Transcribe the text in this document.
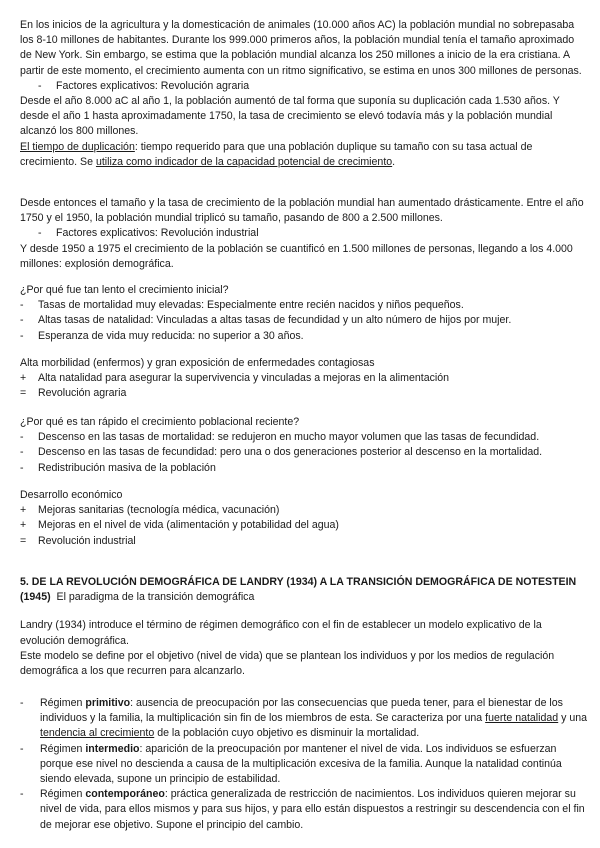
En los inicios de la agricultura y la domesticación de animales (10.000 años AC) la población mundial no sobrepasaba los 8-10 millones de habitantes. Durante los 999.000 primeros años, la población mundial tenía el tamaño aproximado de New York. Sin embargo, se estima que la población mundial alcanza los 250 millones a inicio de la era cristiana. A partir de este momento, el crecimiento aumenta con un ritmo significativo, se estima en unos 300 millones de personas.

- Factores explicativos: Revolución agraria

Desde el año 8.000 aC al año 1, la población aumentó de tal forma que suponía su duplicación cada 1.530 años. Y desde el año 1 hasta aproximadamente 1750, la tasa de crecimiento se elevó todavía más y la población mundial alcanzó los 800 millones.

El tiempo de duplicación: tiempo requerido para que una población duplique su tamaño con su tasa actual de crecimiento. Se utiliza como indicador de la capacidad potencial de crecimiento.

Desde entonces el tamaño y la tasa de crecimiento de la población mundial han aumentado drásticamente. Entre el año 1750 y el 1950, la población mundial triplicó su tamaño, pasando de 800 a 2.500 millones.

- Factores explicativos: Revolución industrial

Y desde 1950 a 1975 el crecimiento de la población se cuantificó en 1.500 millones de personas, llegando a los 4.000 millones: explosión demográfica.

¿Por qué fue tan lento el crecimiento inicial?

- Tasas de mortalidad muy elevadas: Especialmente entre recién nacidos y niños pequeños.

- Altas tasas de natalidad: Vinculadas a altas tasas de fecundidad y un alto número de hijos por mujer.

- Esperanza de vida muy reducida: no superior a 30 años.

Alta morbilidad (enfermos) y gran exposición de enfermedades contagiosas

+ Alta natalidad para asegurar la supervivencia y vinculadas a mejoras en la alimentación

= Revolución agraria

¿Por qué es tan rápido el crecimiento poblacional reciente?

- Descenso en las tasas de mortalidad: se redujeron en mucho mayor volumen que las tasas de fecundidad.

- Descenso en las tasas de fecundidad: pero una o dos generaciones posterior al descenso en la mortalidad.

- Redistribución masiva de la población

Desarrollo económico

+ Mejoras sanitarias (tecnología médica, vacunación)

+ Mejoras en el nivel de vida (alimentación y potabilidad del agua)

= Revolución industrial

5. DE LA REVOLUCIÓN DEMOGRÁFICA DE LANDRY (1934) A LA TRANSICIÓN DEMOGRÁFICA DE NOTESTEIN (1945) El paradigma de la transición demográfica

Landry (1934) introduce el término de régimen demográfico con el fin de establecer un modelo explicativo de la evolución demográfica.

Este modelo se define por el objetivo (nivel de vida) que se plantean los individuos y por los medios de regulación demográfica a los que recurren para alcanzarlo.

- Régimen primitivo: ausencia de preocupación por las consecuencias que pueda tener, para el bienestar de los individuos y la familia, la multiplicación sin fin de los miembros de esta. Se caracteriza por una fuerte natalidad y una tendencia al crecimiento de la población cuyo objetivo es disminuir la mortalidad.

- Régimen intermedio: aparición de la preocupación por mantener el nivel de vida. Los individuos se esfuerzan porque ese nivel no descienda a causa de la multiplicación excesiva de la familia. Aunque la natalidad continúa siendo elevada, supone un principio de estabilidad.

- Régimen contemporáneo: práctica generalizada de restricción de nacimientos. Los individuos quieren mejorar su nivel de vida, para ellos mismos y para sus hijos, y para ello están dispuestos a restringir su descendencia con el fin de mejorar ese objetivo. Supone el principio del cambio.
